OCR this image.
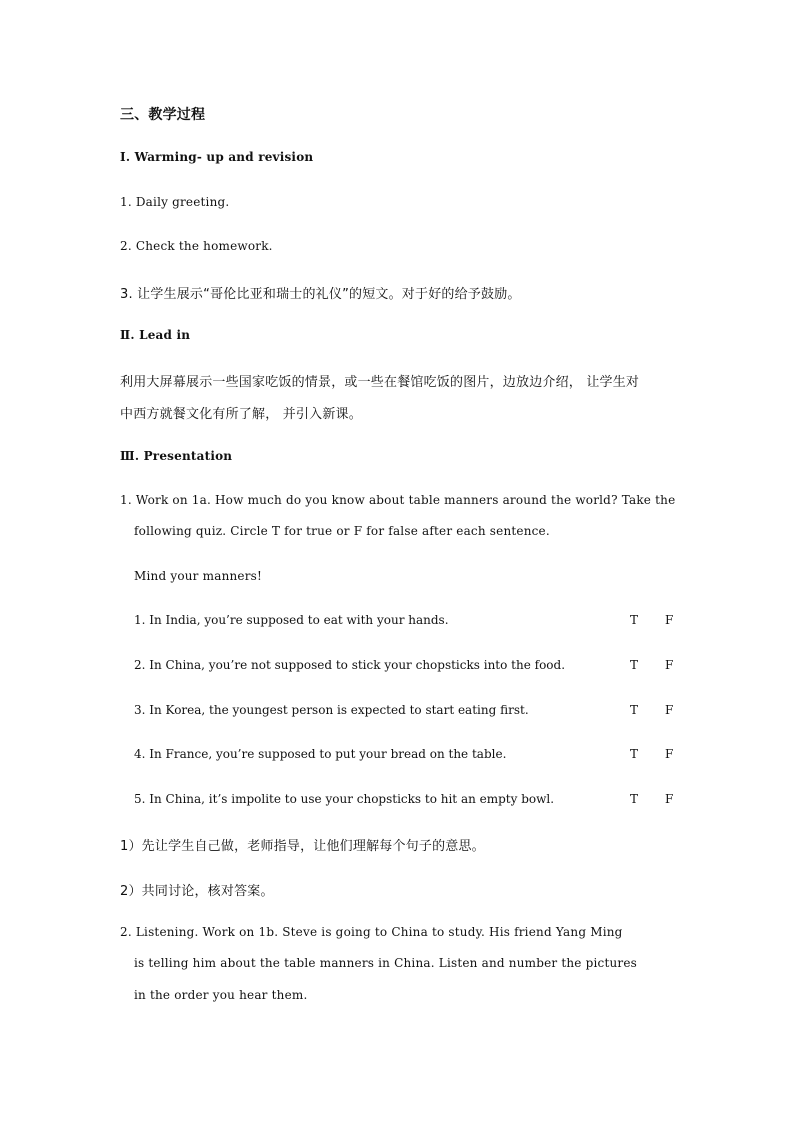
三、教学过程
Ⅰ. Warming- up and revision
1. Daily greeting.
2. Check the homework.
3. 让学生展示“哥伦比亚和瑞士的礼仪”的短文。对于好的给予鼓励。
Ⅱ. Lead in
利用大屏幕展示一些国家吃饭的情景，或一些在餐馆吃饭的图片，边放边介绍， 让学生对
中西方就餐文化有所了解， 并引入新课。
Ⅲ. Presentation
1. Work on 1a. How much do you know about table manners around the world? Take the
following quiz. Circle T for true or F for false after each sentence.
Mind your manners!
1. In India, you’re supposed to eat with your hands.	T F
2. In China, you’re not supposed to stick your chopsticks into the food.	T F
3. In Korea, the youngest person is expected to start eating first.	T F
4. In France, you’re supposed to put your bread on the table.	T F
5. In China, it’s impolite to use your chopsticks to hit an empty bowl.	T F
1）先让学生自己做，老师指导，让他们理解每个句子的意思。
2）共同讨论，核对答案。
2. Listening. Work on 1b. Steve is going to China to study. His friend Yang Ming
is telling him about the table manners in China. Listen and number the pictures
in the order you hear them.
